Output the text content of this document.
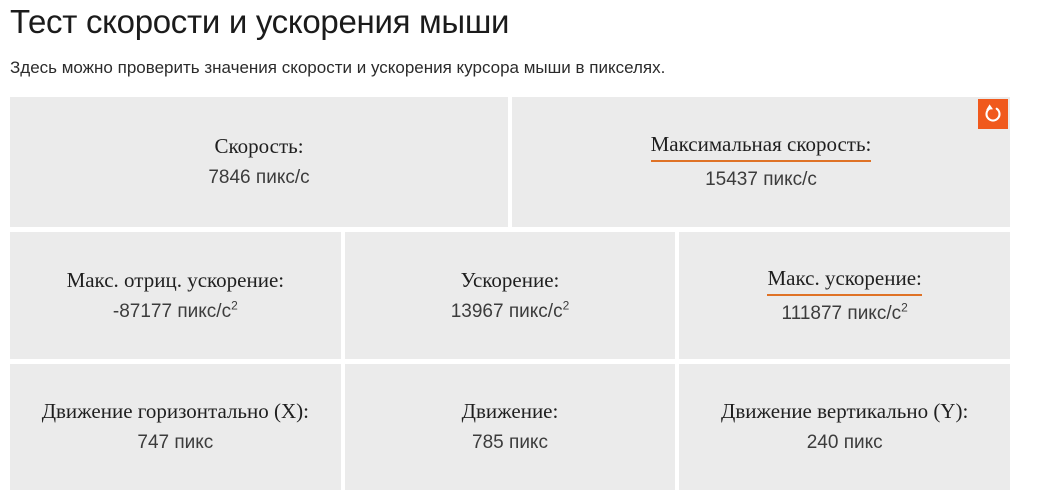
Тест скорости и ускорения мыши

Здесь можно проверить значения скорости и ускорения курсора мыши в пикселях.

Скорость:
7846 пикс/с
Максимальная скорость:
15437 пикс/с
Макс. отриц. ускорение:
-87177 пикс/$с^2$
Ускорение:
13967 пикс/$с^2$
Макс. ускорение:
111877 пикс/$с^2$
Движение горизонтально (X):
747 пикс
Движение:
785 пикс
Движение вертикально (Y):
240 пикс
